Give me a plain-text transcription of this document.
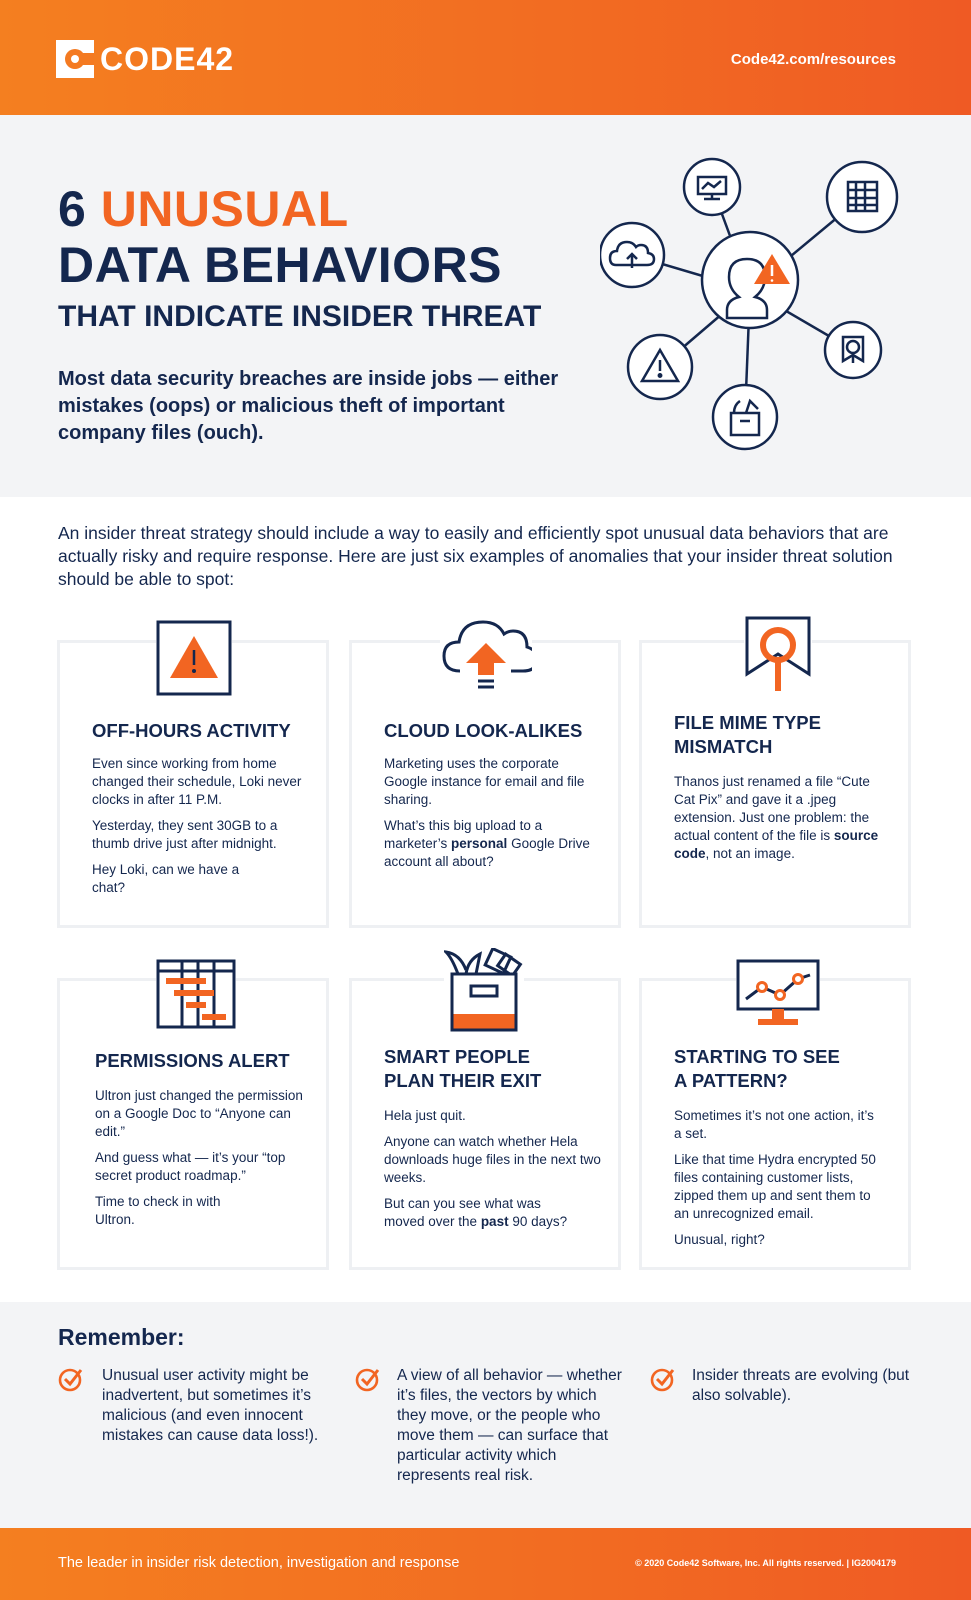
CODE42	Code42.com/resources
6 UNUSUAL
DATA BEHAVIORS
THAT INDICATE INSIDER THREAT
Most data security breaches are inside jobs — either mistakes (oops) or malicious theft of important company files (ouch).
An insider threat strategy should include a way to easily and efficiently spot unusual data behaviors that are actually risky and require response. Here are just six examples of anomalies that your insider threat solution should be able to spot:
OFF-HOURS ACTIVITY

Even since working from home changed their schedule, Loki never clocks in after 11 P.M.

Yesterday, they sent 30GB to a thumb drive just after midnight.

Hey Loki, can we have a chat?

CLOUD LOOK-ALIKES

Marketing uses the corporate Google instance for email and file sharing.

What’s this big upload to a marketer’s personal Google Drive account all about?

FILE MIME TYPE
MISMATCH

Thanos just renamed a file “Cute Cat Pix” and gave it a .jpeg extension. Just one problem: the actual content of the file is source code, not an image.

PERMISSIONS ALERT

Ultron just changed the permission on a Google Doc to “Anyone can edit.”

And guess what — it’s your “top secret product roadmap.”

Time to check in with Ultron.

SMART PEOPLE
PLAN THEIR EXIT

Hela just quit.

Anyone can watch whether Hela downloads huge files in the next two weeks.

But can you see what was moved over the past 90 days?

STARTING TO SEE
A PATTERN?

Sometimes it’s not one action, it’s a set.

Like that time Hydra encrypted 50 files containing customer lists, zipped them up and sent them to an unrecognized email.

Unusual, right?

Remember:
Unusual user activity might be inadvertent, but sometimes it’s malicious (and even innocent mistakes can cause data loss!).
A view of all behavior — whether it’s files, the vectors by which they move, or the people who move them — can surface that particular activity which represents real risk.
Insider threats are evolving (but also solvable).
The leader in insider risk detection, investigation and response	© 2020 Code42 Software, Inc. All rights reserved. | IG2004179
